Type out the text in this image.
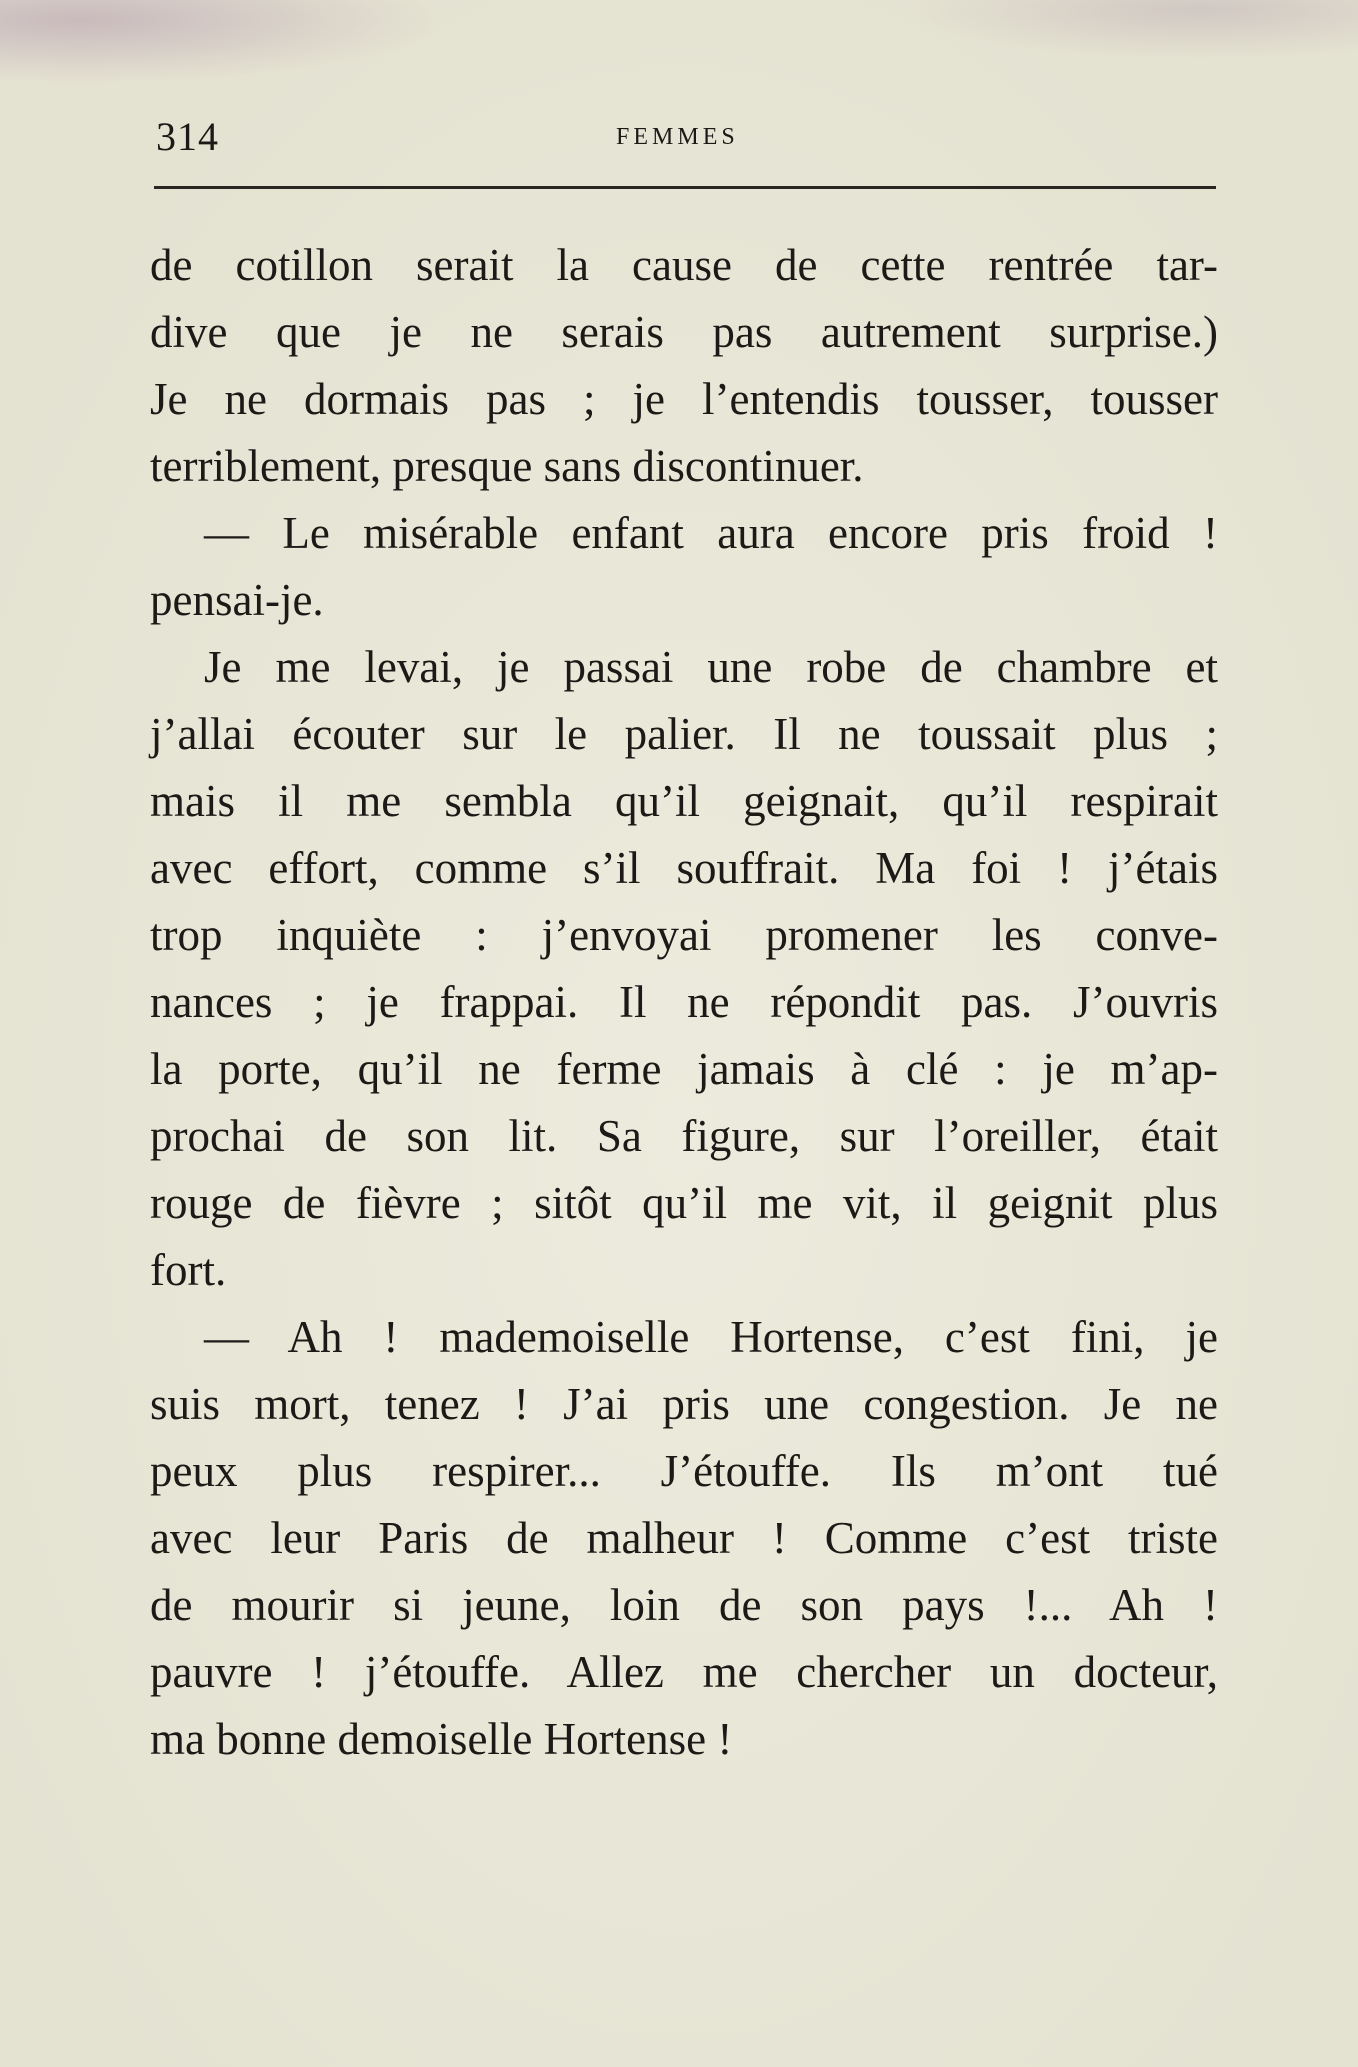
314	FEMMES
de cotillon serait la cause de cette rentrée tar-
dive que je ne serais pas autrement surprise.)
Je ne dormais pas ; je l’entendis tousser, tousser
terriblement, presque sans discontinuer.
— Le misérable enfant aura encore pris froid !
pensai-je.
Je me levai, je passai une robe de chambre et
j’allai écouter sur le palier. Il ne toussait plus ;
mais il me sembla qu’il geignait, qu’il respirait
avec effort, comme s’il souffrait. Ma foi ! j’étais
trop inquiète : j’envoyai promener les conve-
nances ; je frappai. Il ne répondit pas. J’ouvris
la porte, qu’il ne ferme jamais à clé : je m’ap-
prochai de son lit. Sa figure, sur l’oreiller, était
rouge de fièvre ; sitôt qu’il me vit, il geignit plus
fort.
— Ah ! mademoiselle Hortense, c’est fini, je
suis mort, tenez ! J’ai pris une congestion. Je ne
peux plus respirer... J’étouffe. Ils m’ont tué
avec leur Paris de malheur ! Comme c’est triste
de mourir si jeune, loin de son pays !... Ah !
pauvre ! j’étouffe. Allez me chercher un docteur,
ma bonne demoiselle Hortense !
